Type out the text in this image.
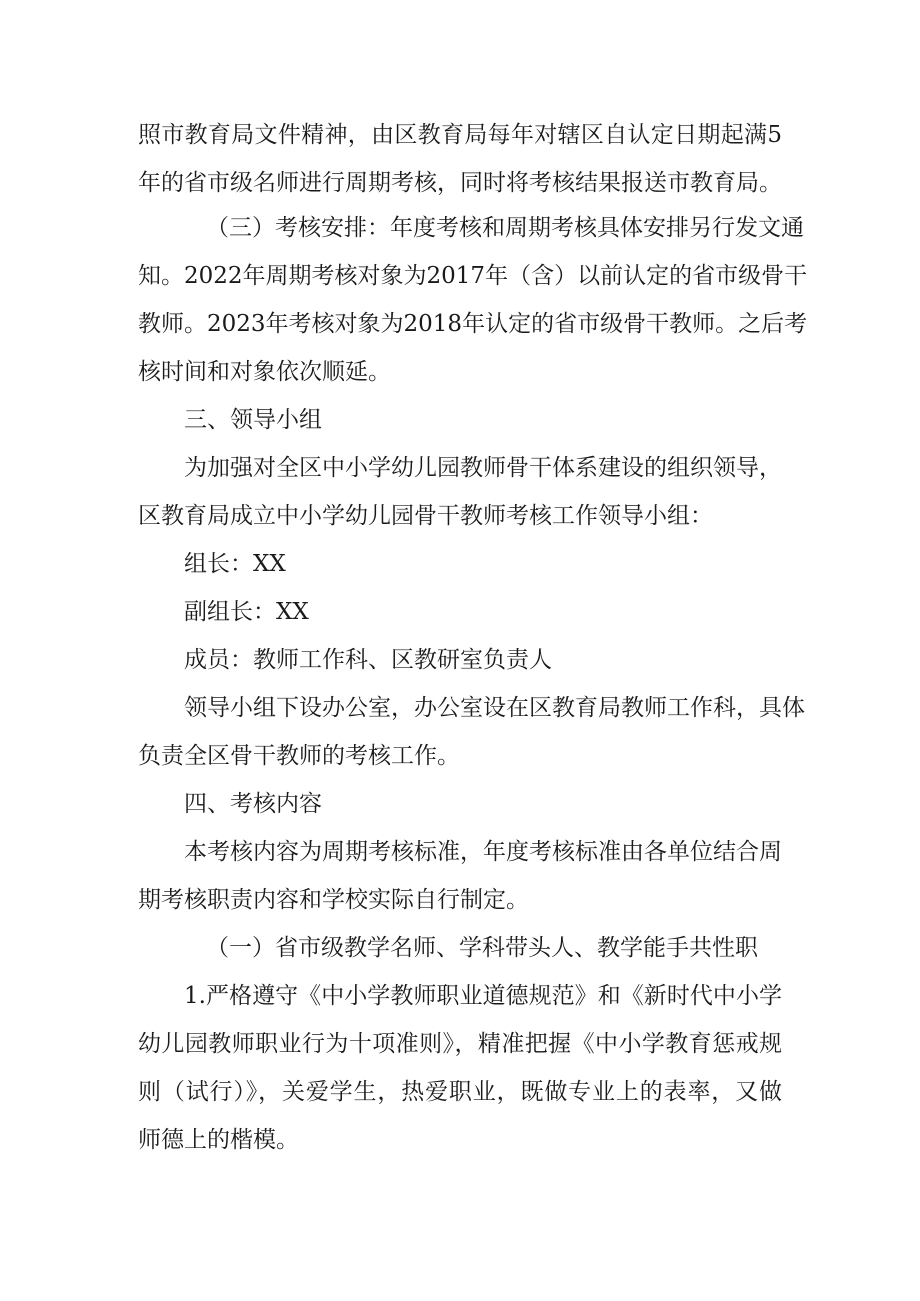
照市教育局文件精神，由区教育局每年对辖区自认定日期起满5
年的省市级名师进行周期考核，同时将考核结果报送市教育局。
（三）考核安排：年度考核和周期考核具体安排另行发文通
知。2022年周期考核对象为2017年（含）以前认定的省市级骨干
教师。2023年考核对象为2018年认定的省市级骨干教师。之后考
核时间和对象依次顺延。
三、领导小组
为加强对全区中小学幼儿园教师骨干体系建设的组织领导，
区教育局成立中小学幼儿园骨干教师考核工作领导小组：
组长：XX
副组长：XX
成员：教师工作科、区教研室负责人
领导小组下设办公室，办公室设在区教育局教师工作科，具体
负责全区骨干教师的考核工作。
四、考核内容
本考核内容为周期考核标准，年度考核标准由各单位结合周
期考核职责内容和学校实际自行制定。
（一）省市级教学名师、学科带头人、教学能手共性职
1.严格遵守《中小学教师职业道德规范》和《新时代中小学
幼儿园教师职业行为十项准则》，精准把握《中小学教育惩戒规
则（试行）》，关爱学生，热爱职业，既做专业上的表率，又做
师德上的楷模。
